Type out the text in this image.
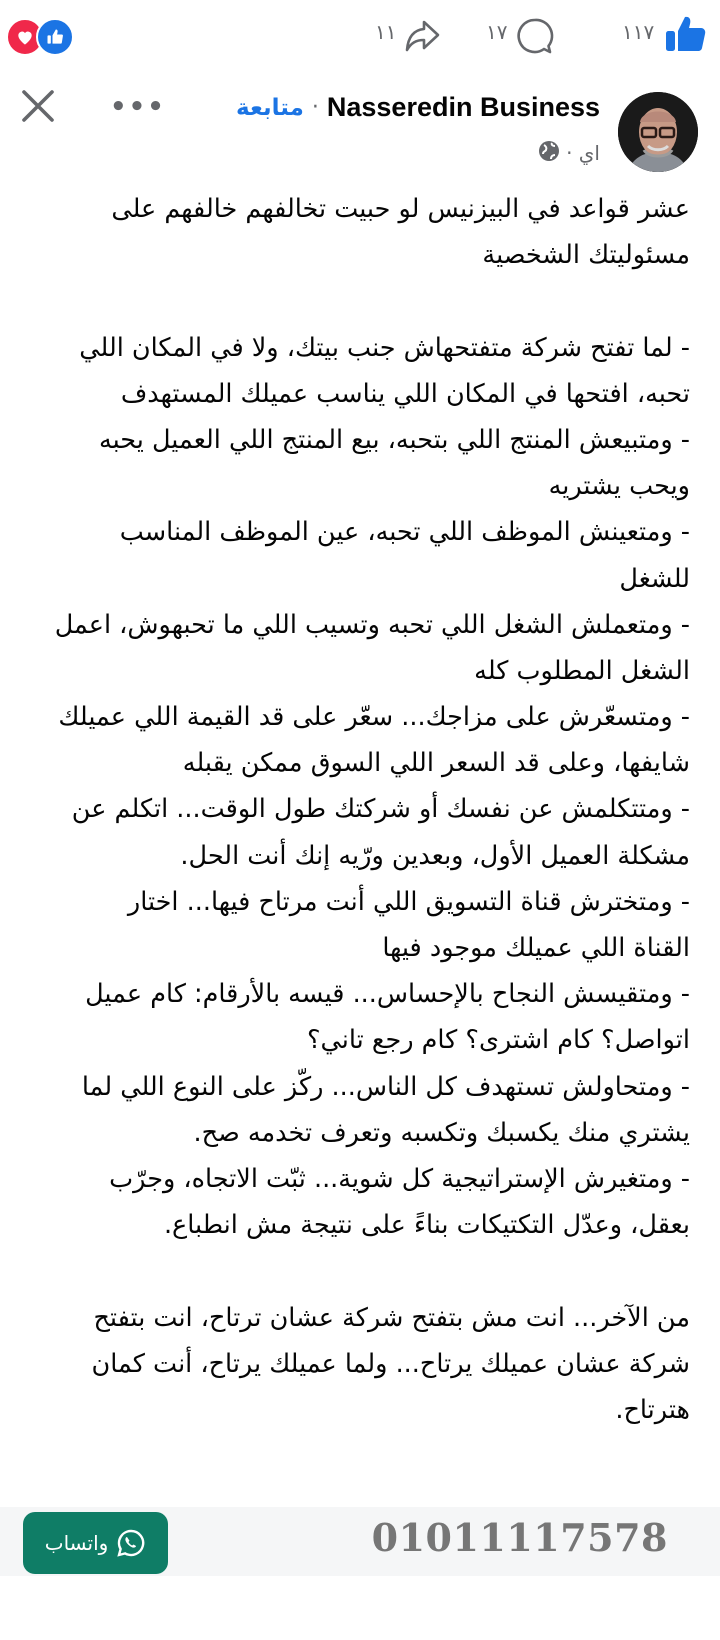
١١	١٧	١١٧
•••	متابعة · Nasseredin Business
اي ·
عشر قواعد في البيزنيس لو حبيت تخالفهم خالفهم على
مسئوليتك الشخصية
- لما تفتح شركة متفتحهاش جنب بيتك، ولا في المكان اللي
تحبه، افتحها في المكان اللي يناسب عميلك المستهدف
- ومتبيعش المنتج اللي بتحبه، بيع المنتج اللي العميل يحبه
ويحب يشتريه
- ومتعينش الموظف اللي تحبه، عين الموظف المناسب
للشغل
- ومتعملش الشغل اللي تحبه وتسيب اللي ما تحبهوش، اعمل
الشغل المطلوب كله
- ومتسعّرش على مزاجك... سعّر على قد القيمة اللي عميلك
شايفها، وعلى قد السعر اللي السوق ممكن يقبله
- ومتتكلمش عن نفسك أو شركتك طول الوقت... اتكلم عن
مشكلة العميل الأول، وبعدين ورّيه إنك أنت الحل.
- ومتخترش قناة التسويق اللي أنت مرتاح فيها... اختار
القناة اللي عميلك موجود فيها
- ومتقيسش النجاح بالإحساس... قيسه بالأرقام: كام عميل
اتواصل؟ كام اشترى؟ كام رجع تاني؟
- ومتحاولش تستهدف كل الناس... ركّز على النوع اللي لما
يشتري منك يكسبك وتكسبه وتعرف تخدمه صح.
- ومتغيرش الإستراتيجية كل شوية... ثبّت الاتجاه، وجرّب
بعقل، وعدّل التكتيكات بناءً على نتيجة مش انطباع.
من الآخر... انت مش بتفتح شركة عشان ترتاح، انت بتفتح
شركة عشان عميلك يرتاح... ولما عميلك يرتاح، أنت كمان
هترتاح.
واتساب	01011117578
